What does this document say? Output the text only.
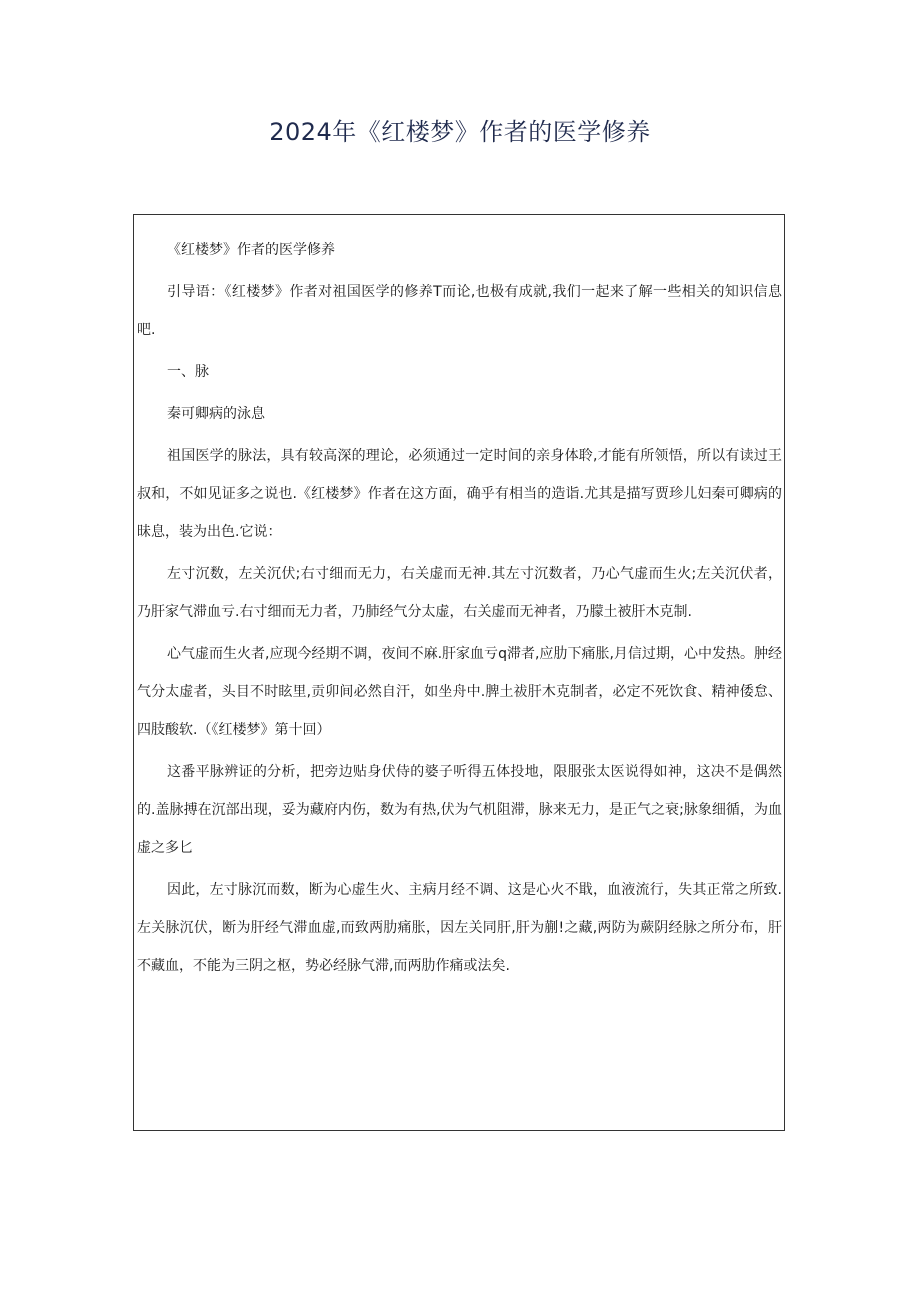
2024年《红楼梦》作者的医学修养

《红楼梦》作者的医学修养

引导语：《红楼梦》作者对祖国医学的修养T而论,也极有成就,我们一起来了解一些相关的知识信息吧.

一、脉

秦可卿病的泳息

祖国医学的脉法，具有较高深的理论，必须通过一定时间的亲身体聆,才能有所领悟，所以有读过王叔和，不如见证多之说也.《红楼梦》作者在这方面，确乎有相当的造诣.尤其是描写贾珍儿妇秦可卿病的昧息，装为出色.它说：

左寸沉数，左关沉伏;右寸细而无力，右关虚而无神.其左寸沉数者，乃心气虚而生火;左关沉伏者，乃肝家气滞血亏.右寸细而无力者，乃肺经气分太虚，右关虚而无神者，乃朦土被肝木克制.

心气虚而生火者,应现今经期不调，夜间不麻.肝家血亏q滞者,应肋下痛胀,月信过期，心中发热。肿经气分太虚者，头目不时眩里,贡卯间必然自汗，如坐舟中.脾土祓肝木克制者，必定不死饮食、精神倭怠、四肢酸软.（《红楼梦》第十回）

这番平脉辨证的分析，把旁边贴身伏侍的婆子听得五体投地，限服张太医说得如神，这决不是偶然的.盖脉搏在沉部出现，妥为藏府内伤，数为有热,伏为气机阻滞，脉来无力，是正气之衰;脉象细循，为血虚之多匕

因此，左寸脉沉而数，断为心虚生火、主病月经不调、这是心火不戢，血液流行，失其正常之所致.左关脉沉伏，断为肝经气滞血虚,而致两肋痛胀，因左关同肝,肝为蒯!之藏,两防为蕨阴经脉之所分布，肝不藏血，不能为三阴之枢，势必经脉气滞,而两肋作痛或法矣.
